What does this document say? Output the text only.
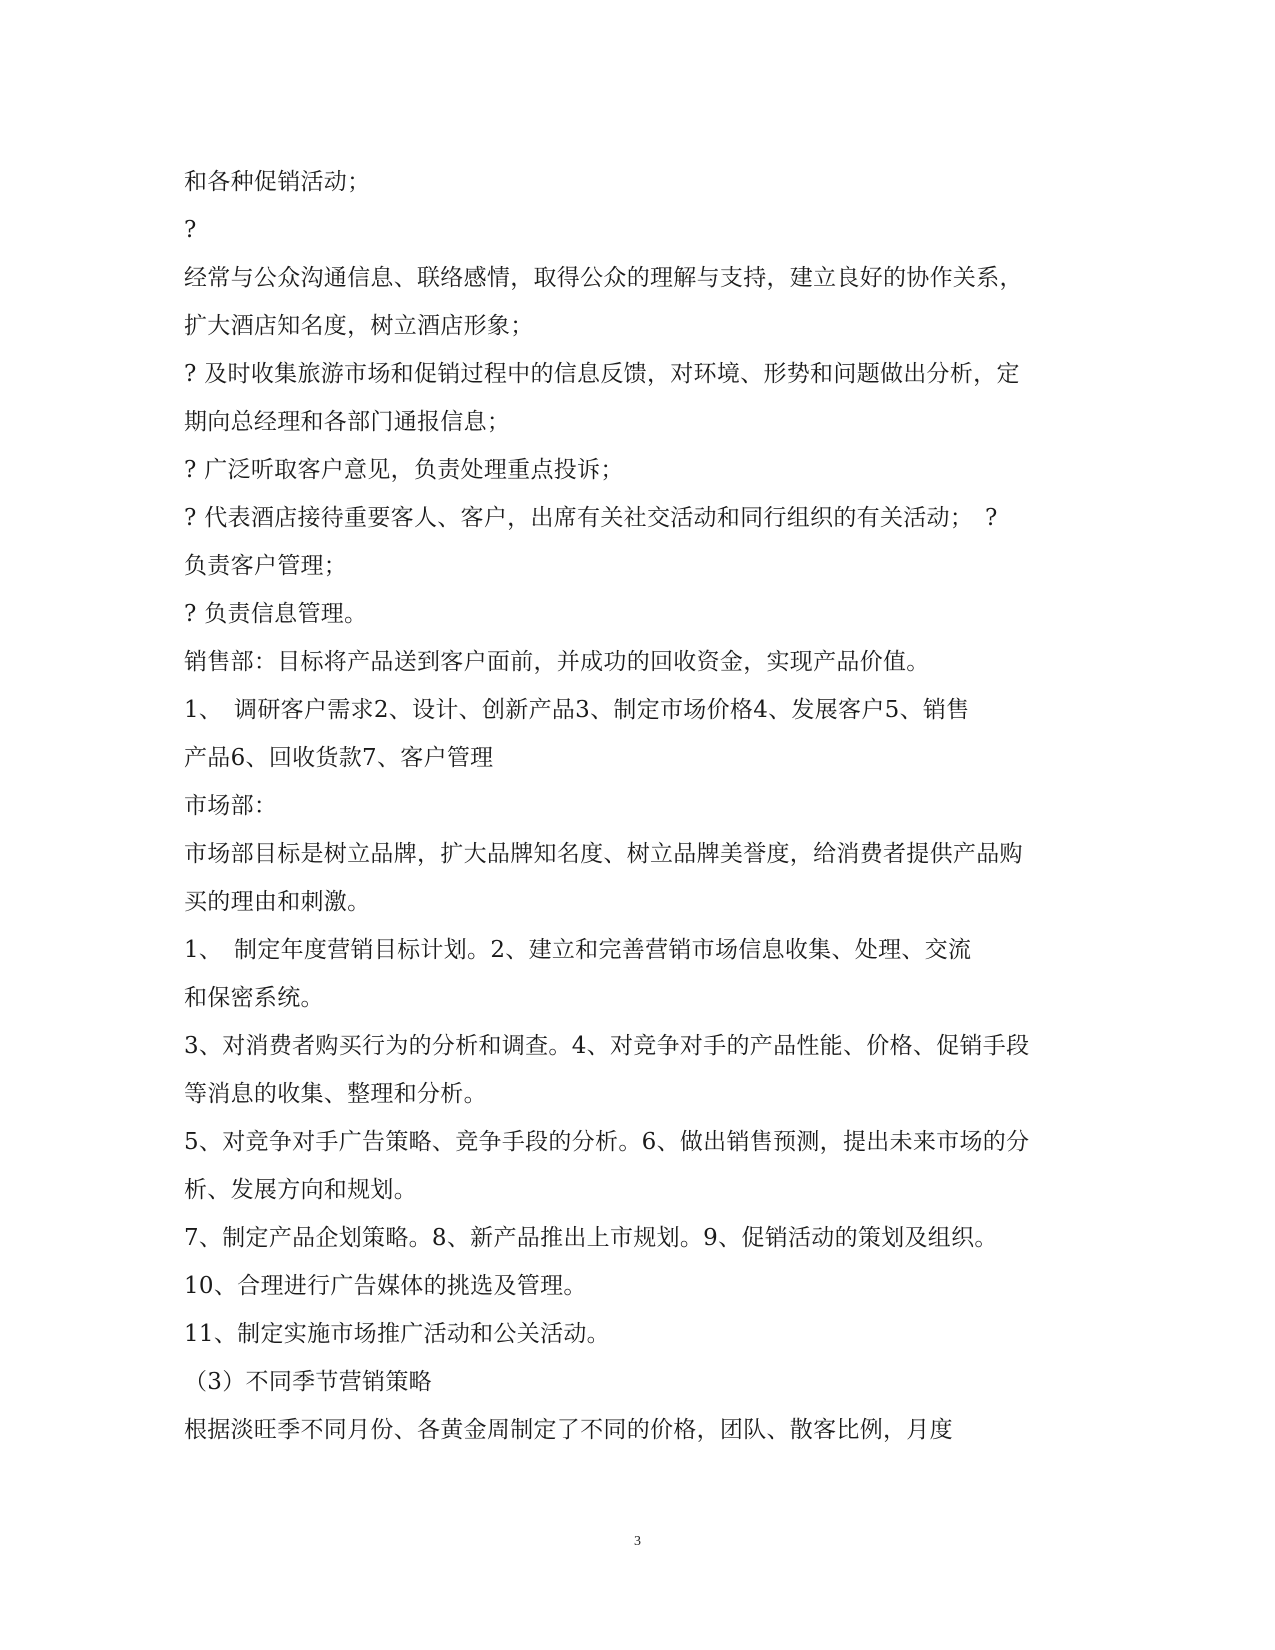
和各种促销活动；
?
经常与公众沟通信息、联络感情，取得公众的理解与支持，建立良好的协作关系，
扩大酒店知名度，树立酒店形象；
? 及时收集旅游市场和促销过程中的信息反馈，对环境、形势和问题做出分析，定
期向总经理和各部门通报信息；
? 广泛听取客户意见，负责处理重点投诉；
? 代表酒店接待重要客人、客户，出席有关社交活动和同行组织的有关活动；　?
负责客户管理；
? 负责信息管理。
销售部：目标将产品送到客户面前，并成功的回收资金，实现产品价值。
1、　调研客户需求2、设计、创新产品3、制定市场价格4、发展客户5、销售
产品6、回收货款7、客户管理
市场部：
市场部目标是树立品牌，扩大品牌知名度、树立品牌美誉度，给消费者提供产品购
买的理由和刺激。
1、　制定年度营销目标计划。2、建立和完善营销市场信息收集、处理、交流
和保密系统。
3、对消费者购买行为的分析和调查。4、对竞争对手的产品性能、价格、促销手段
等消息的收集、整理和分析。
5、对竞争对手广告策略、竞争手段的分析。6、做出销售预测，提出未来市场的分
析、发展方向和规划。
7、制定产品企划策略。8、新产品推出上市规划。9、促销活动的策划及组织。
10、合理进行广告媒体的挑选及管理。
11、制定实施市场推广活动和公关活动。
（3）不同季节营销策略
根据淡旺季不同月份、各黄金周制定了不同的价格，团队、散客比例，月度
3
